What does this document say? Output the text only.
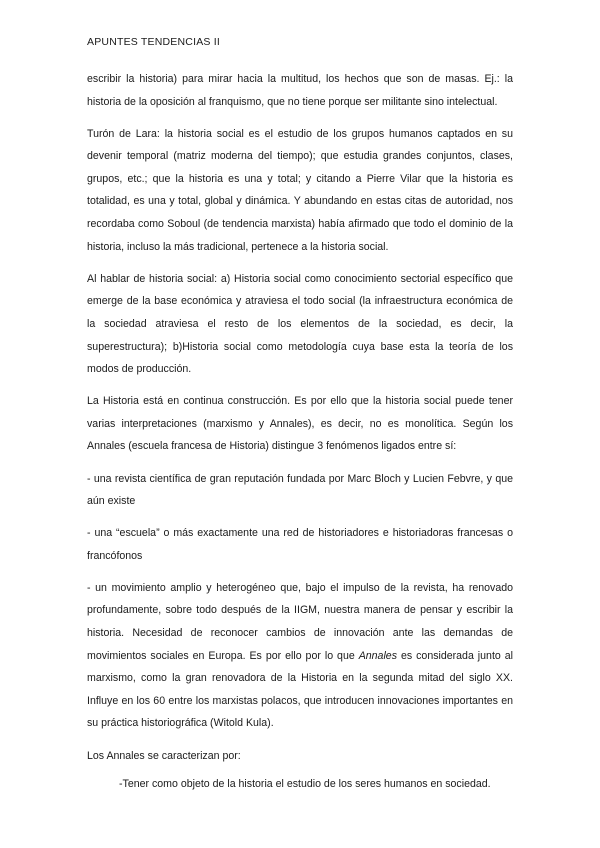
APUNTES TENDENCIAS II

escribir la historia) para mirar hacia la multitud, los hechos que son de masas. Ej.: la historia de la oposición al franquismo, que no tiene porque ser militante sino intelectual.

Turón de Lara: la historia social es el estudio de los grupos humanos captados en su devenir temporal (matriz moderna del tiempo); que estudia grandes conjuntos, clases, grupos, etc.; que la historia es una y total; y citando a Pierre Vilar que la historia es totalidad, es una y total, global y dinámica. Y abundando en estas citas de autoridad, nos recordaba como Soboul (de tendencia marxista) había afirmado que todo el dominio de la historia, incluso la más tradicional, pertenece a la historia social.

Al hablar de historia social: a) Historia social como conocimiento sectorial específico que emerge de la base económica y atraviesa el todo social (la infraestructura económica de la sociedad atraviesa el resto de los elementos de la sociedad, es decir, la superestructura); b)Historia social como metodología cuya base esta la teoría de los modos de producción.

La Historia está en continua construcción. Es por ello que la historia social puede tener varias interpretaciones (marxismo y Annales), es decir, no es monolítica. Según los Annales (escuela francesa de Historia) distingue 3 fenómenos ligados entre sí:

- una revista científica de gran reputación fundada por Marc Bloch y Lucien Febvre, y que aún existe

- una “escuela” o más exactamente una red de historiadores e historiadoras francesas o francófonos

- un movimiento amplio y heterogéneo que, bajo el impulso de la revista, ha renovado profundamente, sobre todo después de la IIGM, nuestra manera de pensar y escribir la historia. Necesidad de reconocer cambios de innovación ante las demandas de movimientos sociales en Europa. Es por ello por lo que Annales es considerada junto al marxismo, como la gran renovadora de la Historia en la segunda mitad del siglo XX. Influye en los 60 entre los marxistas polacos, que introducen innovaciones importantes en su práctica historiográfica (Witold Kula).

Los Annales se caracterizan por:

-Tener como objeto de la historia el estudio de los seres humanos en sociedad.
